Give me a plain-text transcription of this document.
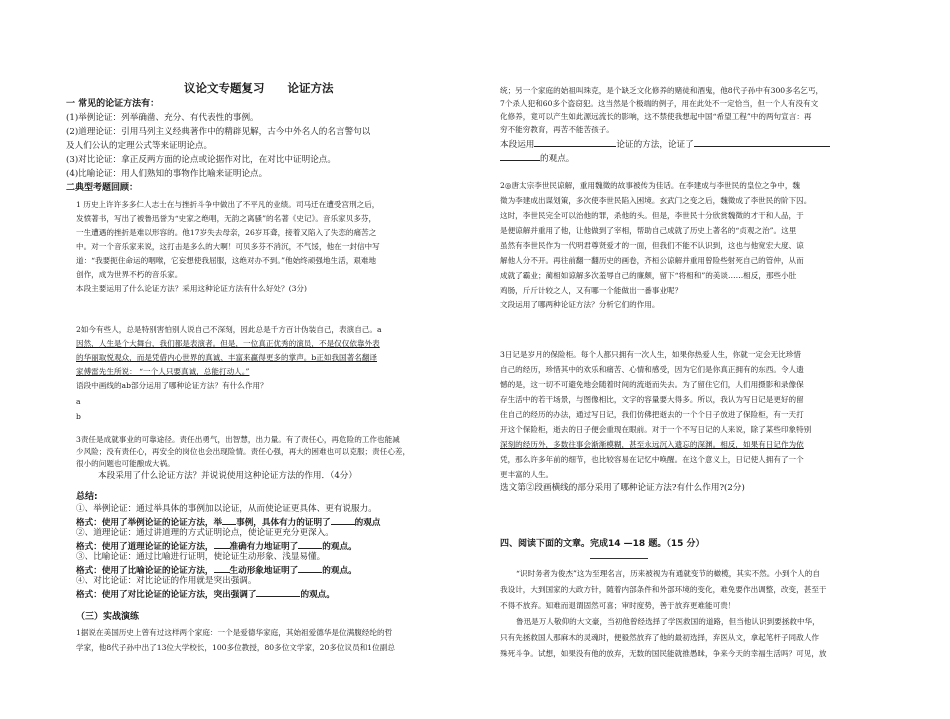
议论文专题复习　　论证方法
一 常见的论证方法有：
(1)举例论证：列举确凿、充分、有代表性的事例。
(2)道理论证：引用马列主义经典著作中的精辟见解，古今中外名人的名言警句以
及人们公认的定理公式等来证明论点。
(3)对比论证：拿正反两方面的论点或论据作对比，在对比中证明论点。
(4)比喻论证：用人们熟知的事物作比喻来证明论点。
二典型考题回顾：
1 历史上许许多多仁人志士在与挫折斗争中做出了不平凡的业绩。司马迁在遭受宫刑之后，
发愤著书，写出了被鲁迅誉为“史家之绝唱，无韵之离骚”的名著《史记》。音乐家贝多芬，
一生遭遇的挫折是难以形容的。他17岁失去母亲，26岁耳聋，接着又陷入了失恋的痛苦之
中。对一个音乐家来说，这打击是多么的大啊！可贝多芬不消沉，不气馁，他在一封信中写
道：“我要扼住命运的咽喉，它妄想使我屈服，这绝对办不到。”他始终顽强地生活，艰难地
创作，成为世界不朽的音乐家。
本段主要运用了什么论证方法？采用这种论证方法有什么好处？(3分)
2如今有些人，总是特别害怕别人说自己不深刻，因此总是千方百计伪装自己，表演自己。a
因然，人生是个大舞台，我们都是表演者。但是，一位真正优秀的演员，不是仅仅依靠外表
的华丽取悦观众，而是凭借内心世界的真诚、丰富来赢得更多的掌声。b正如我国著名翻译
家傅雷先生所说： “一个人只要真诚，总能打动人。”
语段中画线的ab部分运用了哪种论证方法？有什么作用？
a
b
3责任是成就事业的可靠途径。责任出勇气，出智慧，出力量。有了责任心，再危险的工作也能减
少风险；没有责任心，再安全的岗位也会出现险情。责任心强，再大的困难也可以克服；责任心差，
很小的问题也可能酿成大祸。
本段采用了什么论证方法？并说说使用这种论证方法的作用．（4分）
总结:
①、举例论证：通过举具体的事例加以论证，从而使论证更具体、更有说服力。
格式：使用了举例论证的论证方法，举 事例，具体有力的证明了	的观点
②、道理论证：通过讲道理的方式证明论点，使论证更充分更深入。
格式：使用了道理论证的论证方法， 准确有力地证明了	的观点。
③、比喻论证：通过比喻进行证明，使论证生动形象、浅显易懂。
格式：使用了比喻论证的论证方法， 生动形象地证明了	的观点。
④、对比论证：对比论证的作用就是突出强调。
格式：使用了对比论证的论证方法，突出强调了	的观点。
（三）实战演练
1据说在美国历史上曾有过这样两个家庭：一个是爱德华家庭，其始祖爱德华是位满腹经纶的哲
学家，他8代子孙中出了13位大学校长，100多位教授，80多位文学家，20多位议员和1位副总
统；另一个家庭的始祖叫珠克，是个缺乏文化修养的赌徒和酒鬼，他8代子孙中有300多名乞丐，
7个杀人犯和60多个盗窃犯。这当然是个极端的例子，用在此处不一定恰当，但一个人有没有文
化修养，竟可以产生如此源远流长的影响，这不禁使我想起中国“希望工程”中的两句宣言：再
穷不能穷教育，再苦不能苦孩子。
本段运用	论证的方法，论证了
的观点。
2◎唐太宗李世民谅解，重用魏徵的故事被传为佳话。在李建成与李世民的皇位之争中，魏
徵为李建成出谋划策，多次使李世民陷入困境。玄武门之变之后，魏徵成了李世民的阶下囚。
这时，李世民完全可以治他的罪，杀他的头。但是，李世民十分欣赏魏徵的才干和人品，于
是便谅解并重用了他，让他做到了宰相，帮助自己成就了历史上著名的“贞观之治”。这里
虽然有李世民作为一代明君尊贤爱才的一面，但我们不能不认识到，这也与他宽宏大度、谅
解他人分不开。再往前翻一翻历史的画卷，齐桓公谅解并重用曾险些射死自己的管仲，从而
成就了霸业；蔺相如谅解多次羞辱自己的廉颇，留下“将相和”的美谈……相反，那些小肚
鸡肠，斤斤计较之人，又有哪一个能做出一番事业呢？
文段运用了哪两种论证方法？分析它们的作用。
3日记是岁月的保险柜。每个人都只拥有一次人生，如果你热爱人生，你就一定会无比珍惜
自己的经历，珍惜其中的欢乐和痛苦、心情和感受，因为它们是你真正拥有的东西。令人遗
憾的是，这一切不可避免地会随着时间的流逝而失去。为了留住它们，人们用摄影和录像保
存生活中的若干场景，与图像相比，文字的容量要大得多。所以，我认为写日记是更好的留
住自己的经历的办法，通过写日记，我们仿佛把逝去的一个个日子放进了保险柜，有一天打
开这个保险柜，逝去的日子便会重现在眼前。对于一个不写日记的人来说，除了某些印象特别
深刻的经历外，多数往事会渐渐模糊，甚至永远沉入遗忘的深渊。相反，如果有日记作为依
凭，那么许多年前的细节，也比较容易在记忆中唤醒。在这个意义上，日记使人拥有了一个
更丰富的人生。
选文第②段画横线的部分采用了哪种论证方法?有什么作用?(2分)
四、阅读下面的文章。完成14 —18 题。（15 分）
“识时务者为俊杰”这为至理名言，历来被视为有通就变节的橄榄，其实不然。小到个人的自
我设计，大到国家的大政方针，随着内部条件和外部环境的变化，难免要作出调整，改变，甚至于
不得不放弃。知难而退谓固然可喜；审时度势，善于放弃更难能可贵！
鲁迅是万人敬仰的大文豪，当初他曾经选择了学医救国的道路，但当他认识到要拯救中华，
只有先拯救国人那麻木的灵魂时，便毅然放弃了他的最初选择，弃医从文，拿起笔杆子同敌人作
殊死斗争。试想，如果没有他的放弃，无数的国民能就推愚昧，争来今天的幸福生活吗？可见，放
